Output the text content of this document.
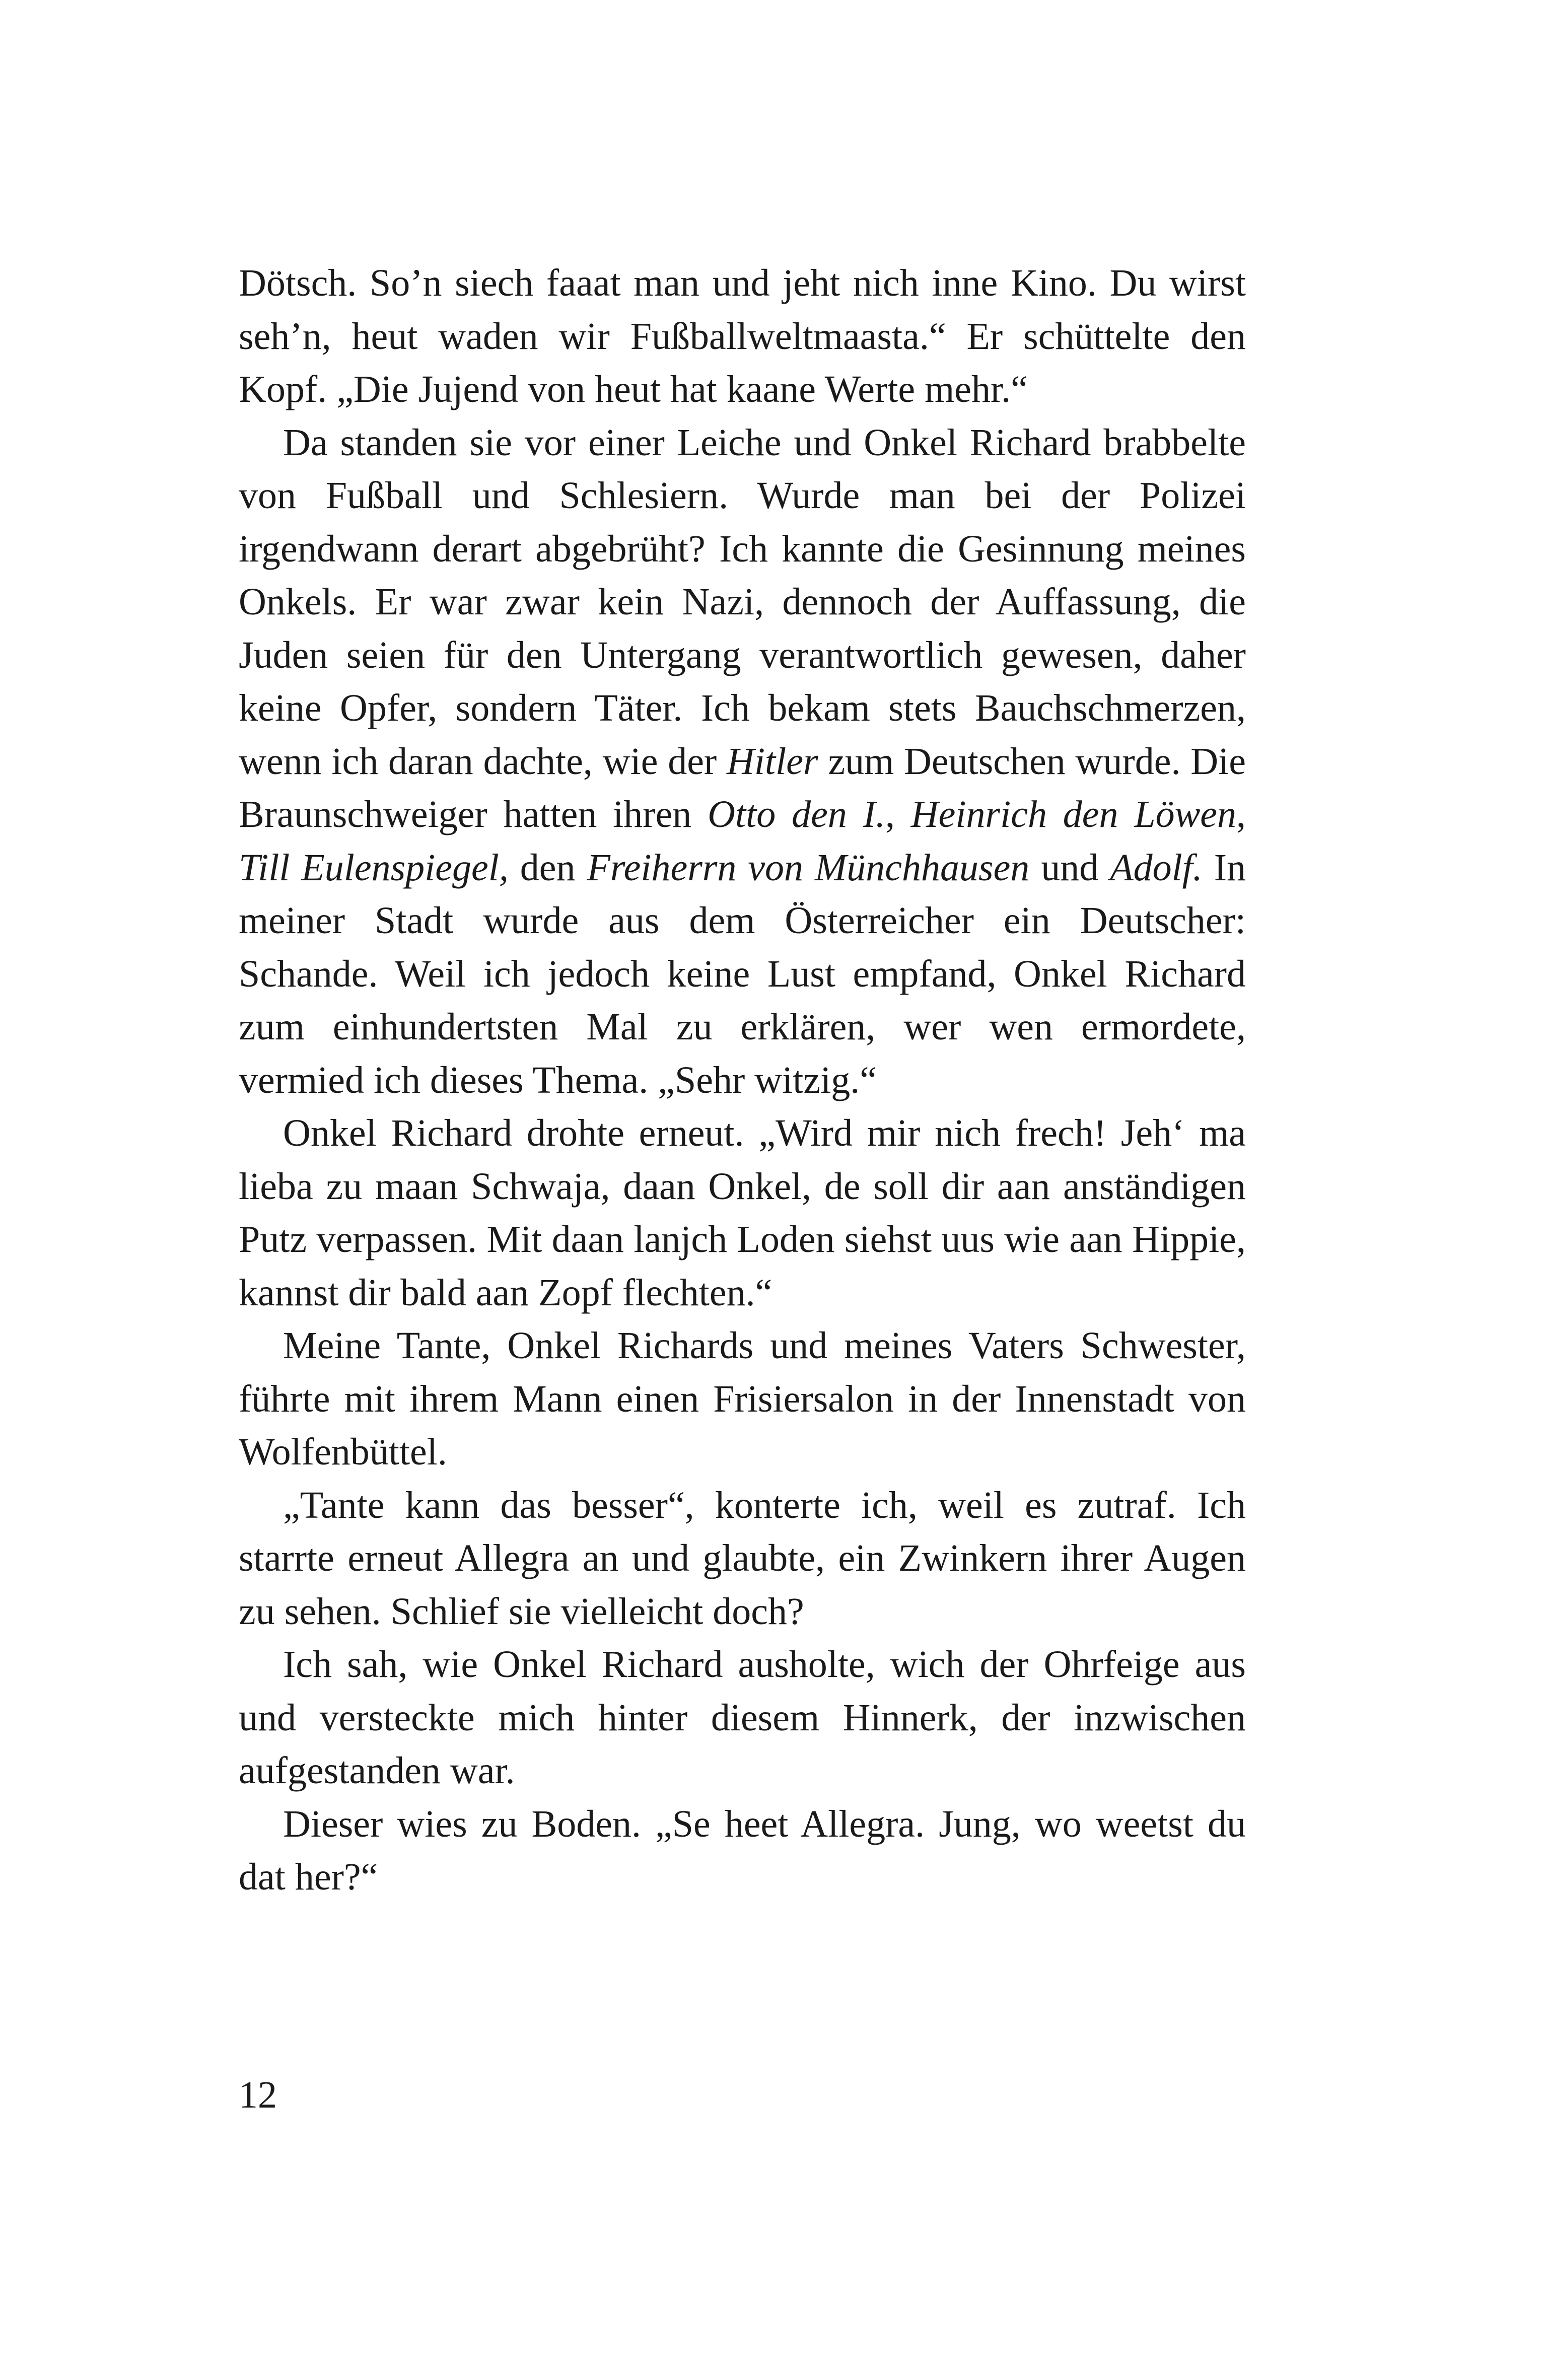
Dötsch. So’n siech faaat man und jeht nich inne Kino. Du wirst seh’n, heut waden wir Fußballweltmaasta.“ Er schüttelte den Kopf. „Die Jujend von heut hat kaane Werte mehr.“

Da standen sie vor einer Leiche und Onkel Richard brabbelte von Fußball und Schlesiern. Wurde man bei der Polizei irgendwann derart abgebrüht? Ich kannte die Gesinnung meines Onkels. Er war zwar kein Nazi, dennoch der Auffassung, die Juden seien für den Untergang verantwortlich gewesen, daher keine Opfer, sondern Täter. Ich bekam stets Bauchschmerzen, wenn ich daran dachte, wie der Hitler zum Deutschen wurde. Die Braunschweiger hatten ihren Otto den I., Heinrich den Löwen, Till Eulenspiegel, den Freiherrn von Münchhausen und Adolf. In meiner Stadt wurde aus dem Österreicher ein Deutscher: Schande. Weil ich jedoch keine Lust empfand, Onkel Richard zum einhundertsten Mal zu erklären, wer wen ermordete, vermied ich dieses Thema. „Sehr witzig.“

Onkel Richard drohte erneut. „Wird mir nich frech! Jeh‘ ma lieba zu maan Schwaja, daan Onkel, de soll dir aan anständigen Putz verpassen. Mit daan lanjch Loden siehst uus wie aan Hippie, kannst dir bald aan Zopf flechten.“

Meine Tante, Onkel Richards und meines Vaters Schwester, führte mit ihrem Mann einen Frisiersalon in der Innenstadt von Wolfenbüttel.

„Tante kann das besser“, konterte ich, weil es zutraf. Ich starrte erneut Allegra an und glaubte, ein Zwinkern ihrer Augen zu sehen. Schlief sie vielleicht doch?

Ich sah, wie Onkel Richard ausholte, wich der Ohrfeige aus und versteckte mich hinter diesem Hinnerk, der inzwischen aufgestanden war.

Dieser wies zu Boden. „Se heet Allegra. Jung, wo weetst du dat her?“

12
